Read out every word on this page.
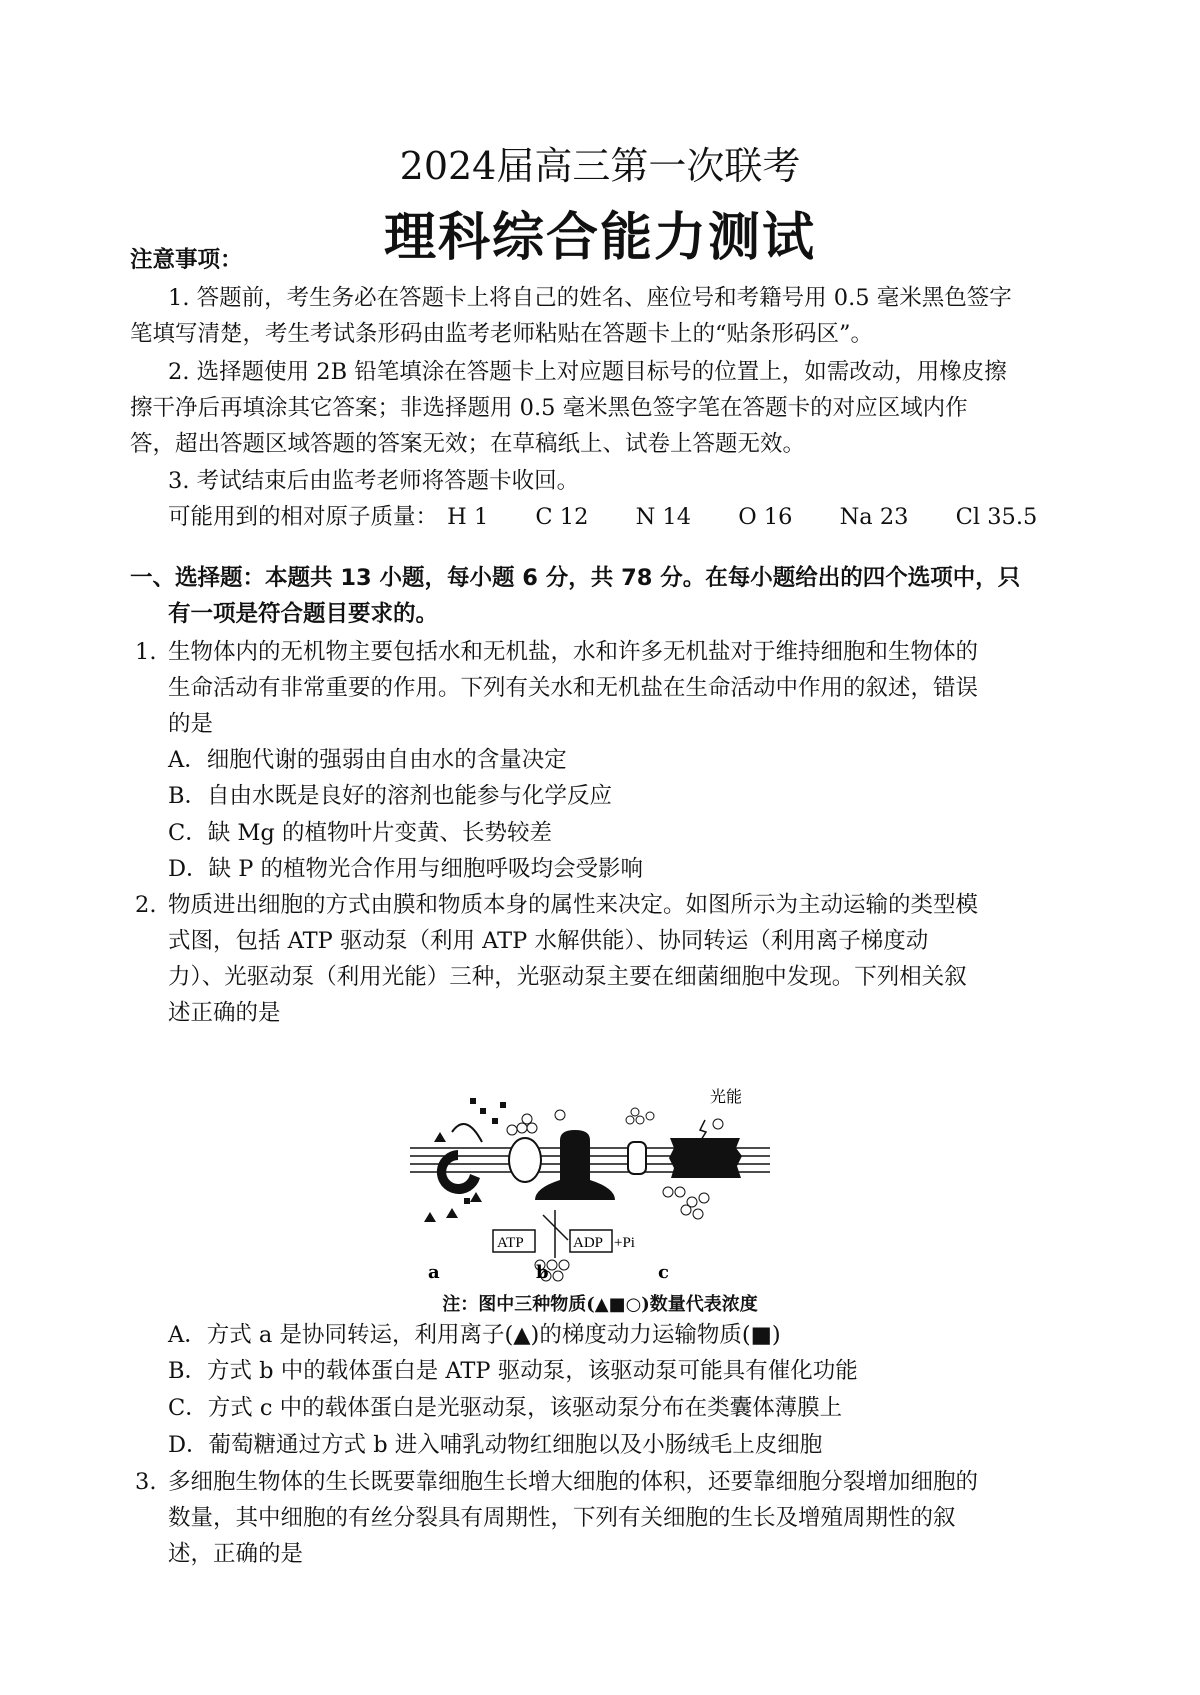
2024届高三第一次联考
理科综合能力测试
注意事项：
1. 答题前，考生务必在答题卡上将自己的姓名、座位号和考籍号用 0.5 毫米黑色签字
笔填写清楚，考生考试条形码由监考老师粘贴在答题卡上的“贴条形码区”。
2. 选择题使用 2B 铅笔填涂在答题卡上对应题目标号的位置上，如需改动，用橡皮擦
擦干净后再填涂其它答案；非选择题用 0.5 毫米黑色签字笔在答题卡的对应区域内作
答，超出答题区域答题的答案无效；在草稿纸上、试卷上答题无效。
3. 考试结束后由监考老师将答题卡收回。
可能用到的相对原子质量： H 1 C 12 N 14 O 16 Na 23 Cl 35.5
一、选择题：本题共 13 小题，每小题 6 分，共 78 分。在每小题给出的四个选项中，只
有一项是符合题目要求的。
1. 生物体内的无机物主要包括水和无机盐，水和许多无机盐对于维持细胞和生物体的
生命活动有非常重要的作用。下列有关水和无机盐在生命活动中作用的叙述，错误
的是
A．细胞代谢的强弱由自由水的含量决定
B．自由水既是良好的溶剂也能参与化学反应
C．缺 Mg 的植物叶片变黄、长势较差
D．缺 P 的植物光合作用与细胞呼吸均会受影响
2. 物质进出细胞的方式由膜和物质本身的属性来决定。如图所示为主动运输的类型模
式图，包括 ATP 驱动泵（利用 ATP 水解供能）、协同转运（利用离子梯度动
力）、光驱动泵（利用光能）三种，光驱动泵主要在细菌细胞中发现。下列相关叙
述正确的是
ATP	ADP +Pi
光能
a	b	c
注：图中三种物质(▲■○)数量代表浓度
A．方式 a 是协同转运，利用离子(▲)的梯度动力运输物质(■)
B．方式 b 中的载体蛋白是 ATP 驱动泵，该驱动泵可能具有催化功能
C．方式 c 中的载体蛋白是光驱动泵，该驱动泵分布在类囊体薄膜上
D．葡萄糖通过方式 b 进入哺乳动物红细胞以及小肠绒毛上皮细胞
3. 多细胞生物体的生长既要靠细胞生长增大细胞的体积，还要靠细胞分裂增加细胞的
数量，其中细胞的有丝分裂具有周期性，下列有关细胞的生长及增殖周期性的叙
述，正确的是
